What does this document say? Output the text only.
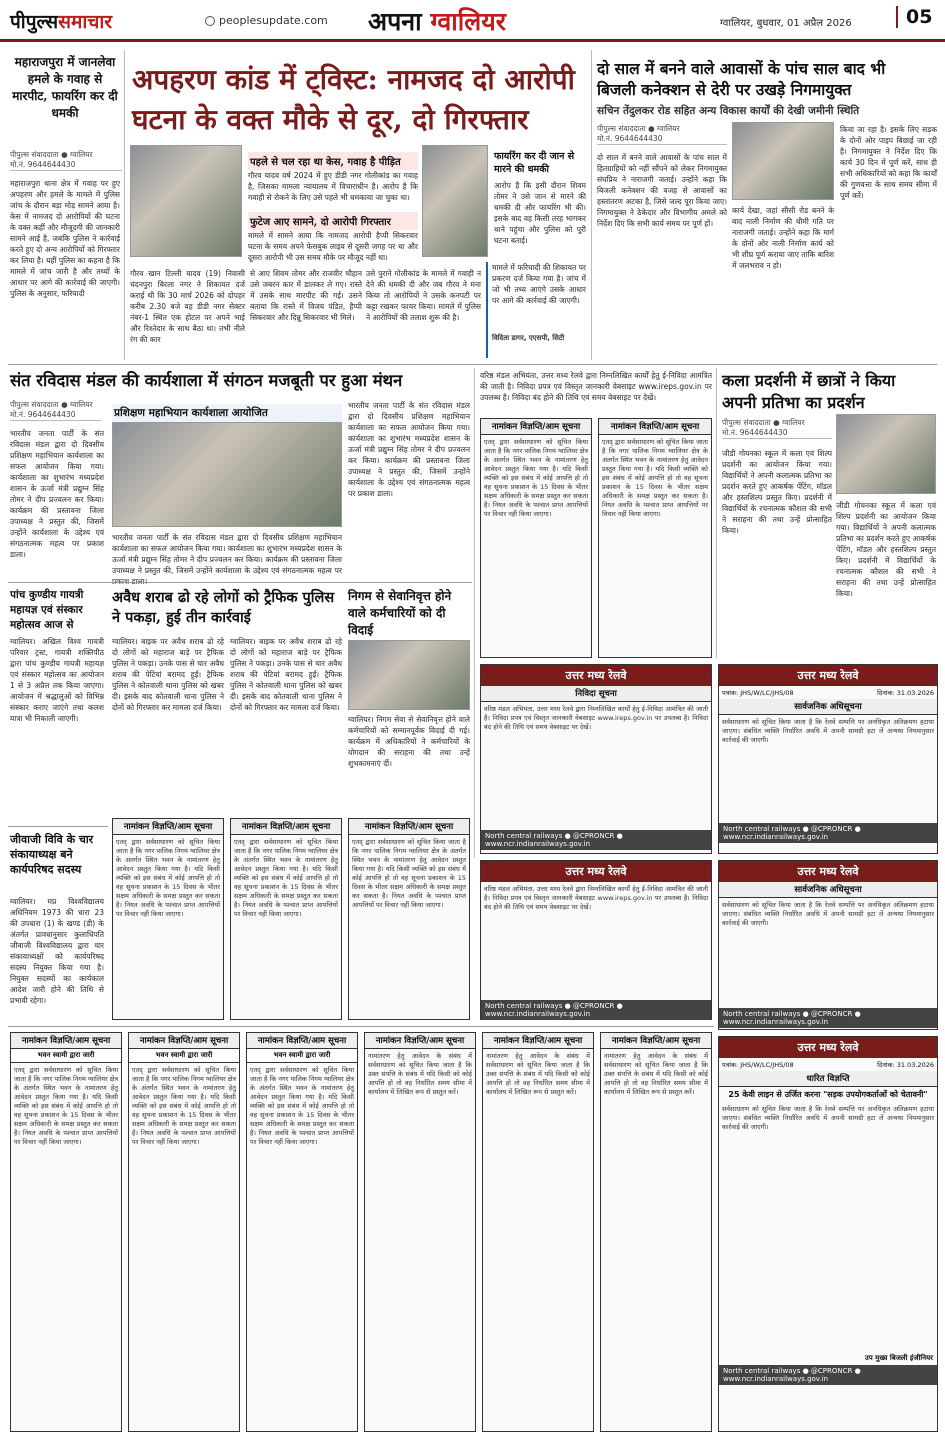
पीपुल्ससमाचार	peoplesupdate.com अपना ग्वालियर	ग्वालियर, बुधवार, 01 अप्रैल 2026	05
महाराजपुरा में जानलेवा हमले के गवाह से मारपीट, फायरिंग कर दी धमकी
अपहरण कांड में ट्विस्ट: नामजद दो आरोपी
घटना के वक्त मौके से दूर, दो गिरफ्तार
पीपुल्स संवाददाता ● ग्वालियर
मो.नं. 9644644430
महाराजपुरा थाना क्षेत्र में गवाह पर हुए अपहरण और हमले के मामले में पुलिस जांच के दौरान बड़ा मोड़ सामने आया है। केस में नामजद दो आरोपियों की घटना के वक्त कहीं और मौजूदगी की जानकारी सामने आई है, जबकि पुलिस ने कार्रवाई करते हुए दो अन्य आरोपियों को गिरफ्तार कर लिया है। यहीं पुलिस का कहना है कि मामले में जांच जारी है और तथ्यों के आधार पर आगे की कार्रवाई की जाएगी। पुलिस के अनुसार, फरियादी
पहले से चल रहा था केस, गवाह है पीड़ित
गौरव यादव वर्ष 2024 में हुए डीडी नगर गोलीकांड का गवाह है, जिसका मामला न्यायालय में विचाराधीन है। आरोप है कि गवाही से रोकने के लिए उसे पहले भी धमकाया जा चुका था।
फुटेज आए सामने, दो आरोपी गिरफ्तार
मामले में सामने आया कि नामजद आरोपी हैप्पी सिकरवार घटना के समय अपने फेसबुक लाइव से दूसरी जगह पर था और दूसरा आरोपी भी उस समय मौके पर मौजूद नहीं था।
फायरिंग कर दी जान से मारने की धमकी
आरोप है कि इसी दौरान शिवम तोमर ने उसे जान से मारने की धमकी दी और फायरिंग भी की। इसके बाद वह किसी तरह भागकर थाने पहुंचा और पुलिस को पूरी घटना बताई।
गौरव खान टिल्ली यादव (19) निवासी चंदनपुरा बिरला नगर ने शिकायत दर्ज कराई थी कि 30 मार्च 2026 को दोपहर करीब 2.30 बजे वह डीडी नगर सेक्टर नंबर-1 स्थित एक होटल पर अपने भाई और रिश्तेदार के साथ बैठा था। तभी नीले रंग की कार
से आए शिवम तोमर और राजवीर चौहान उसे जबरन कार में डालकर ले गए। रास्ते में उसके साथ मारपीट की गई। उसने बताया कि रास्ते में विजय पंडित, हैप्पी सिकरवार और दिन्नू सिकरवार भी मिले।
उसे पुराने गोलीकांड के मामले में गवाही न देने की धमकी दी और जब गौरव ने मना किया तो आरोपियों ने उसके कनपटी पर कट्टा रखकर फायर किया। मामले में पुलिस ने आरोपियों की तलाश शुरू की है।
मामले में फरियादी की शिकायत पर प्रकरण दर्ज किया गया है। जांच में जो भी तथ्य आएंगे उसके आधार पर आगे की कार्रवाई की जाएगी।
विदिता डागर, एएसपी, सिटी
दो साल में बनने वाले आवासों के पांच साल बाद भी
बिजली कनेक्शन से देरी पर उखड़े निगमायुक्त
सचिन तेंदुलकर रोड सहित अन्य विकास कार्यों की देखी जमीनी स्थिति
पीपुल्स संवाददाता ● ग्वालियर
मो.नं. 9644644430
दो साल में बनने वाले आवासों के पांच साल में हितग्राहियों को नहीं सौंपने को लेकर निगमायुक्त संघप्रिय ने नाराजगी जताई। उन्होंने कहा कि बिजली कनेक्शन की वजह से आवासों का हस्तांतरण अटका है, जिसे जल्द पूरा किया जाए। निगमायुक्त ने ठेकेदार और विभागीय अमले को निर्देश दिए कि सभी कार्य समय पर पूर्ण हों।
कार्य देखा, जहां सीसी रोड बनने के बाद नाली निर्माण की धीमी गति पर नाराजगी जताई। उन्होंने कहा कि मार्ग के दोनों ओर नाली निर्माण कार्य को भी शीघ्र पूर्ण कराया जाए ताकि बारिश में जलभराव न हो।
किया जा रहा है। इसके लिए सड़क के दोनों ओर पाइप बिछाई जा रही है। निगमायुक्त ने निर्देश दिए कि कार्य 30 दिन में पूर्ण करें, साथ ही सभी अधिकारियों को कहा कि कार्यों की गुणवत्ता के साथ समय सीमा में पूर्ण करें।
संत रविदास मंडल की कार्यशाला में संगठन मजबूती पर हुआ मंथन
पीपुल्स संवाददाता ● ग्वालियर
मो.नं. 9644644430
भारतीय जनता पार्टी के संत रविदास मंडल द्वारा दो दिवसीय प्रशिक्षण महाभियान कार्यशाला का सफल आयोजन किया गया। कार्यशाला का शुभारंभ मध्यप्रदेश शासन के ऊर्जा मंत्री प्रद्युम्न सिंह तोमर ने दीप प्रज्वलन कर किया। कार्यक्रम की प्रस्तावना जिला उपाध्यक्ष ने प्रस्तुत की, जिसमें उन्होंने कार्यशाला के उद्देश्य एवं संगठनात्मक महत्व पर प्रकाश डाला।
प्रशिक्षण महाभियान कार्यशाला आयोजित
भारतीय जनता पार्टी के संत रविदास मंडल द्वारा दो दिवसीय प्रशिक्षण महाभियान कार्यशाला का सफल आयोजन किया गया। कार्यशाला का शुभारंभ मध्यप्रदेश शासन के ऊर्जा मंत्री प्रद्युम्न सिंह तोमर ने दीप प्रज्वलन कर किया। कार्यक्रम की प्रस्तावना जिला उपाध्यक्ष ने प्रस्तुत की, जिसमें उन्होंने कार्यशाला के उद्देश्य एवं संगठनात्मक महत्व पर
भारतीय जनता पार्टी के संत रविदास मंडल द्वारा दो दिवसीय प्रशिक्षण महाभियान कार्यशाला का सफल आयोजन किया गया। कार्यशाला का शुभारंभ मध्यप्रदेश शासन के ऊर्जा मंत्री प्रद्युम्न सिंह तोमर ने दीप प्रज्वलन कर किया। कार्यक्रम की प्रस्तावना जिला उपाध्यक्ष ने प्रस्तुत की, जिसमें उन्होंने कार्यशाला के उद्देश्य एवं संगठनात्मक महत्व पर प्रकाश डाला।
वरिष्ठ मंडल अभियंता, उत्तर मध्य रेलवे द्वारा निम्नलिखित कार्यों हेतु ई-निविदा आमंत्रित की जाती है। निविदा प्रपत्र एवं विस्तृत जानकारी वेबसाइट www.ireps.gov.in पर उपलब्ध है। निविदा बंद होने की तिथि एवं समय वेबसाइट पर देखें।
नामांकन विज्ञप्ति/आम सूचना
एतद् द्वारा सर्वसाधारण को सूचित किया जाता है कि नगर पालिक निगम ग्वालियर क्षेत्र के अंतर्गत स्थित भवन के नामांतरण हेतु आवेदन प्रस्तुत किया गया है। यदि किसी व्यक्ति को इस संबंध में कोई आपत्ति हो तो वह सूचना प्रकाशन के 15 दिवस के भीतर सक्षम अधिकारी के समक्ष प्रस्तुत कर सकता है। नियत अवधि के पश्चात प्राप्त आपत्तियों पर विचार नहीं किया जाएगा।
नामांकन विज्ञप्ति/आम सूचना
एतद् द्वारा सर्वसाधारण को सूचित किया जाता है कि नगर पालिक निगम ग्वालियर क्षेत्र के अंतर्गत स्थित भवन के नामांतरण हेतु आवेदन प्रस्तुत किया गया है। यदि किसी व्यक्ति को इस संबंध में कोई आपत्ति हो तो वह सूचना प्रकाशन के 15 दिवस के भीतर सक्षम अधिकारी के समक्ष प्रस्तुत कर सकता है। नियत अवधि के पश्चात प्राप्त आपत्तियों पर विचार नहीं किया जाएगा।
कला प्रदर्शनी में छात्रों ने किया
अपनी प्रतिभा का प्रदर्शन
पीपुल्स संवाददाता ● ग्वालियर
मो.नं. 9644644430
जीडी गोयनका स्कूल में कला एवं शिल्प प्रदर्शनी का आयोजन किया गया। विद्यार्थियों ने अपनी कलात्मक प्रतिभा का प्रदर्शन करते हुए आकर्षक पेंटिंग, मॉडल और हस्तशिल्प प्रस्तुत किए। प्रदर्शनी में विद्यार्थियों के रचनात्मक कौशल की सभी ने सराहना की तथा उन्हें प्रोत्साहित किया।
जीडी गोयनका स्कूल में कला एवं शिल्प प्रदर्शनी का आयोजन किया गया। विद्यार्थियों ने अपनी कलात्मक प्रतिभा का प्रदर्शन करते हुए आकर्षक पेंटिंग, मॉडल और हस्तशिल्प प्रस्तुत किए। प्रदर्शनी में विद्यार्थियों के रचनात्मक कौशल की सभी ने सराहना की तथा उन्हें प्रोत्साहित किया।
पांच कुण्डीय गायत्री महायज्ञ एवं संस्कार महोत्सव आज से
ग्वालियर। अखिल विश्व गायत्री परिवार ट्रस्ट, गायत्री शक्तिपीठ द्वारा पांच कुण्डीय गायत्री महायज्ञ एवं संस्कार महोत्सव का आयोजन 1 से 3 अप्रैल तक किया जाएगा। आयोजन में श्रद्धालुओं को विभिन्न संस्कार कराए जाएंगे तथा कलश यात्रा भी निकाली जाएगी।
अवैध शराब ढो रहे लोगों को ट्रैफिक पुलिस ने पकड़ा, हुई तीन कार्रवाई
ग्वालियर। बाइक पर अवैध शराब ढो रहे दो लोगों को महाराज बाड़े पर ट्रैफिक पुलिस ने पकड़ा। उनके पास से चार अवैध शराब की पेटियां बरामद हुईं। ट्रैफिक पुलिस ने कोतवाली थाना पुलिस को खबर दी। इसके बाद कोतवाली थाना पुलिस ने दोनों को गिरफ्तार कर मामला दर्ज किया।
ग्वालियर। बाइक पर अवैध शराब ढो रहे दो लोगों को महाराज बाड़े पर ट्रैफिक पुलिस ने पकड़ा। उनके पास से चार अवैध शराब की पेटियां बरामद हुईं। ट्रैफिक पुलिस ने कोतवाली थाना पुलिस को खबर दी। इसके बाद कोतवाली थाना पुलिस ने दोनों को गिरफ्तार कर मामला दर्ज किया।
निगम से सेवानिवृत्त होने वाले कर्मचारियों को दी विदाई
ग्वालियर। निगम सेवा से सेवानिवृत्त होने वाले कर्मचारियों को सम्मानपूर्वक विदाई दी गई। कार्यक्रम में अधिकारियों ने कर्मचारियों के योगदान की सराहना की तथा उन्हें शुभकामनाएं दीं।
जीवाजी विवि के चार संकायाध्यक्ष बने कार्यपरिषद सदस्य
ग्वालियर। मप्र विश्वविद्यालय अधिनियम 1973 की धारा 23 की उपधारा (1) के खण्ड (डी) के अंतर्गत प्रावधानुसार कुलाधिपति जीवाजी विश्वविद्यालय द्वारा चार संकायाध्यक्षों को कार्यपरिषद सदस्य नियुक्त किया गया है। नियुक्त सदस्यों का कार्यकाल आदेश जारी होने की तिथि से प्रभावी रहेगा।
नामांकन विज्ञप्ति/आम सूचना
एतद् द्वारा सर्वसाधारण को सूचित किया जाता है कि नगर पालिक निगम ग्वालियर क्षेत्र के अंतर्गत स्थित भवन के नामांतरण हेतु आवेदन प्रस्तुत किया गया है। यदि किसी व्यक्ति को इस संबंध में कोई आपत्ति हो तो वह सूचना प्रकाशन के 15 दिवस के भीतर सक्षम अधिकारी के समक्ष प्रस्तुत कर सकता है। नियत अवधि के पश्चात प्राप्त आपत्तियों पर विचार नहीं किया जाएगा।
नामांकन विज्ञप्ति/आम सूचना
एतद् द्वारा सर्वसाधारण को सूचित किया जाता है कि नगर पालिक निगम ग्वालियर क्षेत्र के अंतर्गत स्थित भवन के नामांतरण हेतु आवेदन प्रस्तुत किया गया है। यदि किसी व्यक्ति को इस संबंध में कोई आपत्ति हो तो वह सूचना प्रकाशन के 15 दिवस के भीतर सक्षम अधिकारी के समक्ष प्रस्तुत कर सकता है। नियत अवधि के पश्चात प्राप्त आपत्तियों पर विचार नहीं किया जाएगा।
नामांकन विज्ञप्ति/आम सूचना
एतद् द्वारा सर्वसाधारण को सूचित किया जाता है कि नगर पालिक निगम ग्वालियर क्षेत्र के अंतर्गत स्थित भवन के नामांतरण हेतु आवेदन प्रस्तुत किया गया है। यदि किसी व्यक्ति को इस संबंध में कोई आपत्ति हो तो वह सूचना प्रकाशन के 15 दिवस के भीतर सक्षम अधिकारी के समक्ष प्रस्तुत कर सकता है। नियत अवधि के पश्चात प्राप्त आपत्तियों पर विचार नहीं किया जाएगा।
उत्तर मध्य रेलवे
निविदा सूचना
वरिष्ठ मंडल अभियंता, उत्तर मध्य रेलवे द्वारा निम्नलिखित कार्यों हेतु ई-निविदा आमंत्रित की जाती है। निविदा प्रपत्र एवं विस्तृत जानकारी वेबसाइट www.ireps.gov.in पर उपलब्ध है। निविदा बंद होने की तिथि एवं समय वेबसाइट पर देखें।
North central railways ● @CPRONCR ● www.ncr.indianrailways.gov.in
उत्तर मध्य रेलवे
वरिष्ठ मंडल अभियंता, उत्तर मध्य रेलवे द्वारा निम्नलिखित कार्यों हेतु ई-निविदा आमंत्रित की जाती है। निविदा प्रपत्र एवं विस्तृत जानकारी वेबसाइट www.ireps.gov.in पर उपलब्ध है। निविदा बंद होने की तिथि एवं समय वेबसाइट पर देखें।
North central railways ● @CPRONCR ● www.ncr.indianrailways.gov.in
उत्तर मध्य रेलवे
पत्रांक: JHS/W/LC/JHS/08	दिनांक: 31.03.2026
सार्वजनिक अधिसूचना
सर्वसाधारण को सूचित किया जाता है कि रेलवे सम्पत्ति पर अनधिकृत अतिक्रमण हटाया जाएगा। संबंधित व्यक्ति निर्धारित अवधि में अपनी सामग्री हटा लें अन्यथा नियमानुसार कार्रवाई की जाएगी।
North central railways ● @CPRONCR ● www.ncr.indianrailways.gov.in
उत्तर मध्य रेलवे
सार्वजनिक अधिसूचना
सर्वसाधारण को सूचित किया जाता है कि रेलवे सम्पत्ति पर अनधिकृत अतिक्रमण हटाया जाएगा। संबंधित व्यक्ति निर्धारित अवधि में अपनी सामग्री हटा लें अन्यथा नियमानुसार कार्रवाई की जाएगी।
North central railways ● @CPRONCR ● www.ncr.indianrailways.gov.in
नामांकन विज्ञप्ति/आम सूचना
भवन स्वामी द्वारा जारी
एतद् द्वारा सर्वसाधारण को सूचित किया जाता है कि नगर पालिक निगम ग्वालियर क्षेत्र के अंतर्गत स्थित भवन के नामांतरण हेतु आवेदन प्रस्तुत किया गया है। यदि किसी व्यक्ति को इस संबंध में कोई आपत्ति हो तो वह सूचना प्रकाशन के 15 दिवस के भीतर सक्षम अधिकारी के समक्ष प्रस्तुत कर सकता है। नियत अवधि के पश्चात प्राप्त आपत्तियों पर विचार नहीं किया जाएगा।
नामांकन विज्ञप्ति/आम सूचना
भवन स्वामी द्वारा जारी
एतद् द्वारा सर्वसाधारण को सूचित किया जाता है कि नगर पालिक निगम ग्वालियर क्षेत्र के अंतर्गत स्थित भवन के नामांतरण हेतु आवेदन प्रस्तुत किया गया है। यदि किसी व्यक्ति को इस संबंध में कोई आपत्ति हो तो वह सूचना प्रकाशन के 15 दिवस के भीतर सक्षम अधिकारी के समक्ष प्रस्तुत कर सकता है। नियत अवधि के पश्चात प्राप्त आपत्तियों पर विचार नहीं किया जाएगा।
नामांकन विज्ञप्ति/आम सूचना
भवन स्वामी द्वारा जारी
एतद् द्वारा सर्वसाधारण को सूचित किया जाता है कि नगर पालिक निगम ग्वालियर क्षेत्र के अंतर्गत स्थित भवन के नामांतरण हेतु आवेदन प्रस्तुत किया गया है। यदि किसी व्यक्ति को इस संबंध में कोई आपत्ति हो तो वह सूचना प्रकाशन के 15 दिवस के भीतर सक्षम अधिकारी के समक्ष प्रस्तुत कर सकता है। नियत अवधि के पश्चात प्राप्त आपत्तियों पर विचार नहीं किया जाएगा।
नामांकन विज्ञप्ति/आम सूचना
नामांतरण हेतु आवेदन के संबंध में सर्वसाधारण को सूचित किया जाता है कि उक्त संपत्ति के संबंध में यदि किसी को कोई आपत्ति हो तो वह निर्धारित समय सीमा में कार्यालय में लिखित रूप से प्रस्तुत करें।
नामांकन विज्ञप्ति/आम सूचना
नामांतरण हेतु आवेदन के संबंध में सर्वसाधारण को सूचित किया जाता है कि उक्त संपत्ति के संबंध में यदि किसी को कोई आपत्ति हो तो वह निर्धारित समय सीमा में कार्यालय में लिखित रूप से प्रस्तुत करें।
नामांकन विज्ञप्ति/आम सूचना
नामांतरण हेतु आवेदन के संबंध में सर्वसाधारण को सूचित किया जाता है कि उक्त संपत्ति के संबंध में यदि किसी को कोई आपत्ति हो तो वह निर्धारित समय सीमा में कार्यालय में लिखित रूप से प्रस्तुत करें।
उत्तर मध्य रेलवे
पत्रांक: JHS/W/LC/JHS/08	दिनांक: 31.03.2026
धारित विज्ञप्ति
25 केवी लाइन से उर्जित करना "सड़क उपयोगकर्ताओं को चेतावनी"
सर्वसाधारण को सूचित किया जाता है कि रेलवे सम्पत्ति पर अनधिकृत अतिक्रमण हटाया जाएगा। संबंधित व्यक्ति निर्धारित अवधि में अपनी सामग्री हटा लें अन्यथा नियमानुसार कार्रवाई की जाएगी।
उप मुख्य बिजली इंजीनियर
North central railways ● @CPRONCR ● www.ncr.indianrailways.gov.in
